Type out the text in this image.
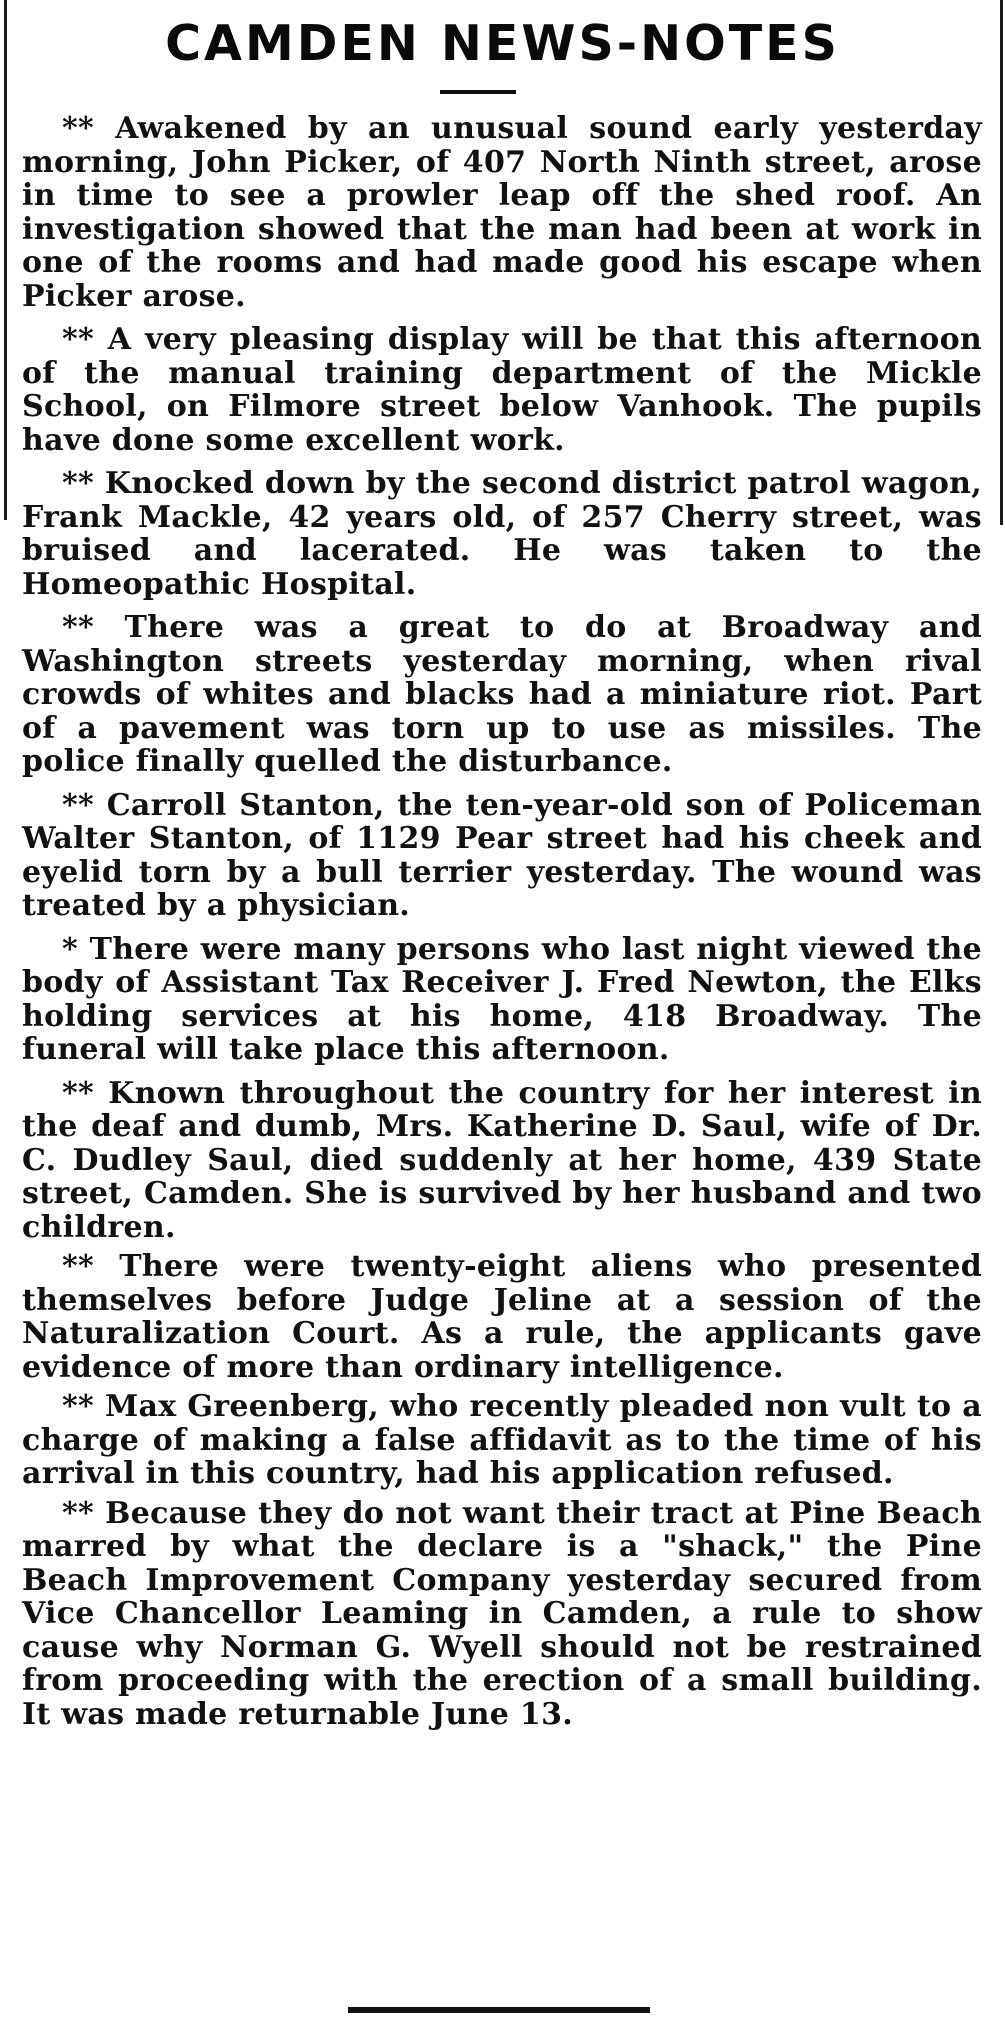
CAMDEN NEWS-NOTES

** Awakened by an unusual sound early yesterday morning, John Picker, of 407 North Ninth street, arose in time to see a prowler leap off the shed roof. An investigation showed that the man had been at work in one of the rooms and had made good his escape when Picker arose.

** A very pleasing display will be that this afternoon of the manual training department of the Mickle School, on Filmore street below Vanhook. The pupils have done some excellent work.

** Knocked down by the second district patrol wagon, Frank Mackle, 42 years old, of 257 Cherry street, was bruised and lacerated. He was taken to the Homeopathic Hospital.

** There was a great to do at Broadway and Washington streets yesterday morning, when rival crowds of whites and blacks had a miniature riot. Part of a pavement was torn up to use as missiles. The police finally quelled the disturbance.

** Carroll Stanton, the ten-year-old son of Policeman Walter Stanton, of 1129 Pear street had his cheek and eyelid torn by a bull terrier yesterday. The wound was treated by a physician.

* There were many persons who last night viewed the body of Assistant Tax Receiver J. Fred Newton, the Elks holding services at his home, 418 Broadway. The funeral will take place this afternoon.

** Known throughout the country for her interest in the deaf and dumb, Mrs. Katherine D. Saul, wife of Dr. C. Dudley Saul, died suddenly at her home, 439 State street, Camden. She is survived by her husband and two children.

** There were twenty-eight aliens who presented themselves before Judge Jeline at a session of the Naturalization Court. As a rule, the applicants gave evidence of more than ordinary intelligence.

** Max Greenberg, who recently pleaded non vult to a charge of making a false affidavit as to the time of his arrival in this country, had his application refused.

** Because they do not want their tract at Pine Beach marred by what the declare is a "shack," the Pine Beach Improvement Company yesterday secured from Vice Chancellor Leaming in Camden, a rule to show cause why Norman G. Wyell should not be restrained from proceeding with the erection of a small building. It was made returnable June 13.
